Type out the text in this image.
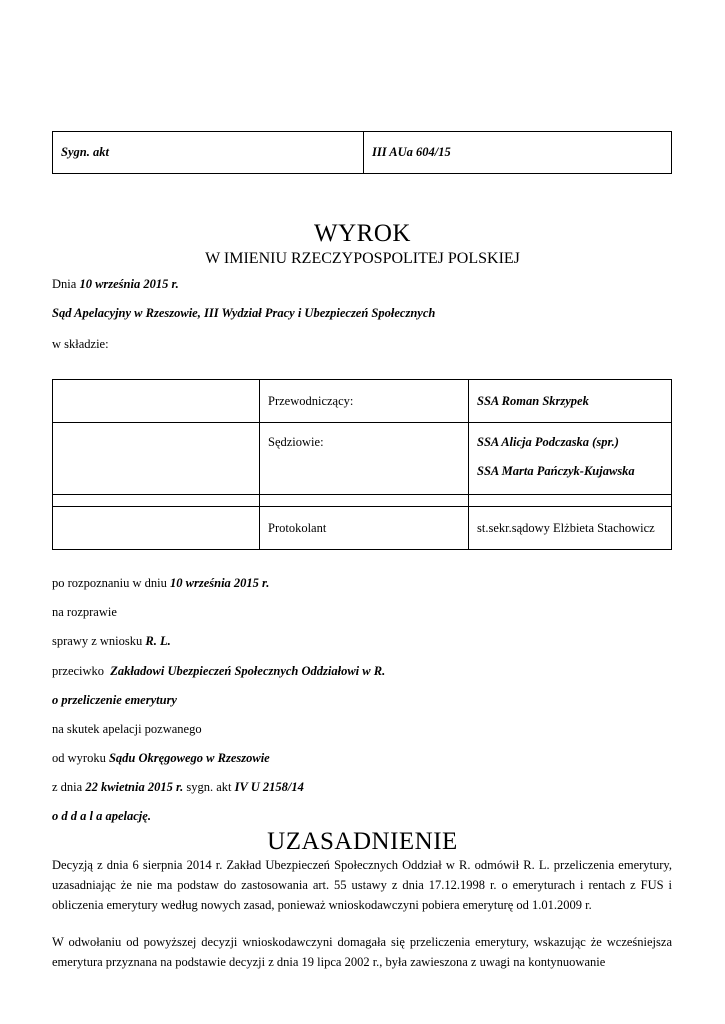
Sygn. akt	III AUa 604/15
WYROK
W IMIENIU RZECZYPOSPOLITEJ POLSKIEJ
Dnia 10 września 2015 r.
Sąd Apelacyjny w Rzeszowie, III Wydział Pracy i Ubezpieczeń Społecznych
w składzie:
	Przewodniczący:	SSA Roman Skrzypek
	Sędziowie:	SSA Alicja Podczaska (spr.)
SSA Marta Pańczyk-Kujawska

	Protokolant	st.sekr.sądowy Elżbieta Stachowicz
po rozpoznaniu w dniu 10 września 2015 r.
na rozprawie
sprawy z wniosku R. L.
przeciwko Zakładowi Ubezpieczeń Społecznych Oddziałowi w R.
o przeliczenie emerytury
na skutek apelacji pozwanego
od wyroku Sądu Okręgowego w Rzeszowie
z dnia 22 kwietnia 2015 r. sygn. akt IV U 2158/14
o d d a l a apelację.
UZASADNIENIE

Decyzją z dnia 6 sierpnia 2014 r. Zakład Ubezpieczeń Społecznych Oddział w R. odmówił R. L. przeliczenia emerytury, uzasadniając że nie ma podstaw do zastosowania art. 55 ustawy z dnia 17.12.1998 r. o emeryturach i rentach z FUS i obliczenia emerytury według nowych zasad, ponieważ wnioskodawczyni pobiera emeryturę od 1.01.2009 r.

W odwołaniu od powyższej decyzji wnioskodawczyni domagała się przeliczenia emerytury, wskazując że wcześniejsza emerytura przyznana na podstawie decyzji z dnia 19 lipca 2002 r., była zawieszona z uwagi na kontynuowanie
